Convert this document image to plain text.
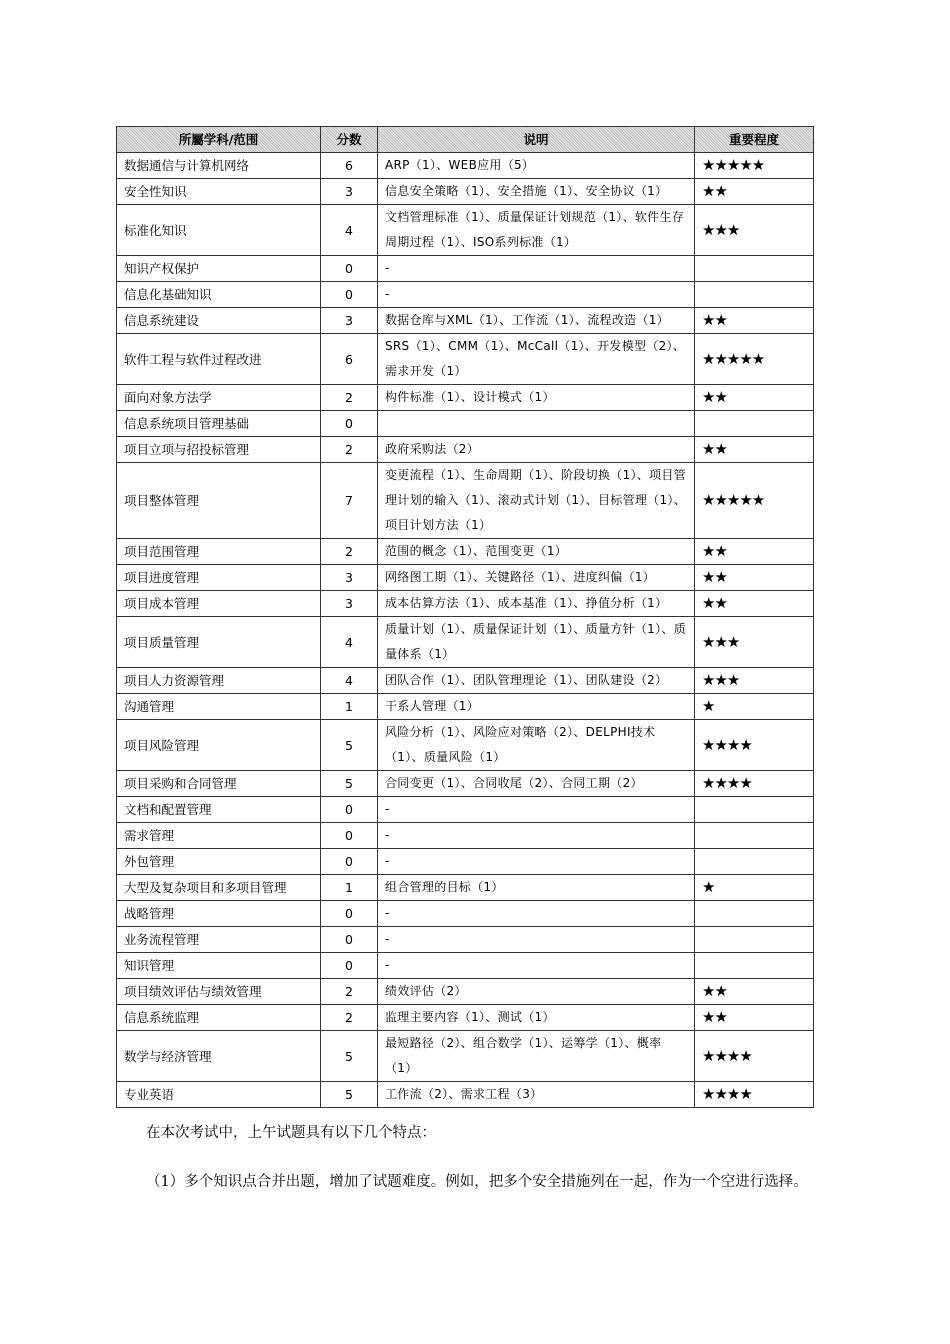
所屬学科/范围	分数	说明	重要程度
数据通信与计算机网络	6	ARP（1）、WEB应用（5）	★★★★★
安全性知识	3	信息安全策略（1）、安全措施（1）、安全协议（1）	★★
标准化知识	4	文档管理标准（1）、质量保证计划规范（1）、软件生存周期过程（1）、ISO系列标准（1）	★★★
知识产权保护	0	-	
信息化基础知识	0	-	
信息系统建设	3	数据仓库与XML（1）、工作流（1）、流程改造（1）	★★
软件工程与软件过程改进	6	SRS（1）、CMM（1）、McCall（1）、开发模型（2）、需求开发（1）	★★★★★
面向对象方法学	2	构件标准（1）、设计模式（1）	★★
信息系统项目管理基础	0		
项目立项与招投标管理	2	政府采购法（2）	★★
项目整体管理	7	变更流程（1）、生命周期（1）、阶段切换（1）、项目管理计划的输入（1）、滚动式计划（1）、目标管理（1）、项目计划方法（1）	★★★★★
项目范围管理	2	范围的概念（1）、范围变更（1）	★★
项目进度管理	3	网络图工期（1）、关键路径（1）、进度纠偏（1）	★★
项目成本管理	3	成本估算方法（1）、成本基准（1）、挣值分析（1）	★★
项目质量管理	4	质量计划（1）、质量保证计划（1）、质量方针（1）、质量体系（1）	★★★
项目人力资源管理	4	团队合作（1）、团队管理理论（1）、团队建设（2）	★★★
沟通管理	1	干系人管理（1）	★
项目风险管理	5	风险分析（1）、风险应对策略（2）、DELPHI技术（1）、质量风险（1）	★★★★
项目采购和合同管理	5	合同变更（1）、合同收尾（2）、合同工期（2）	★★★★
文档和配置管理	0	-	
需求管理	0	-	
外包管理	0	-	
大型及复杂项目和多项目管理	1	组合管理的目标（1）	★
战略管理	0	-	
业务流程管理	0	-	
知识管理	0	-	
项目绩效评估与绩效管理	2	绩效评估（2）	★★
信息系统监理	2	监理主要内容（1）、测试（1）	★★
数学与经济管理	5	最短路径（2）、组合数学（1）、运筹学（1）、概率（1）	★★★★
专业英语	5	工作流（2）、需求工程（3）	★★★★
在本次考试中，上午试题具有以下几个特点：
（1）多个知识点合并出题，增加了试题难度。例如，把多个安全措施列在一起，作为一个空进行选择。
